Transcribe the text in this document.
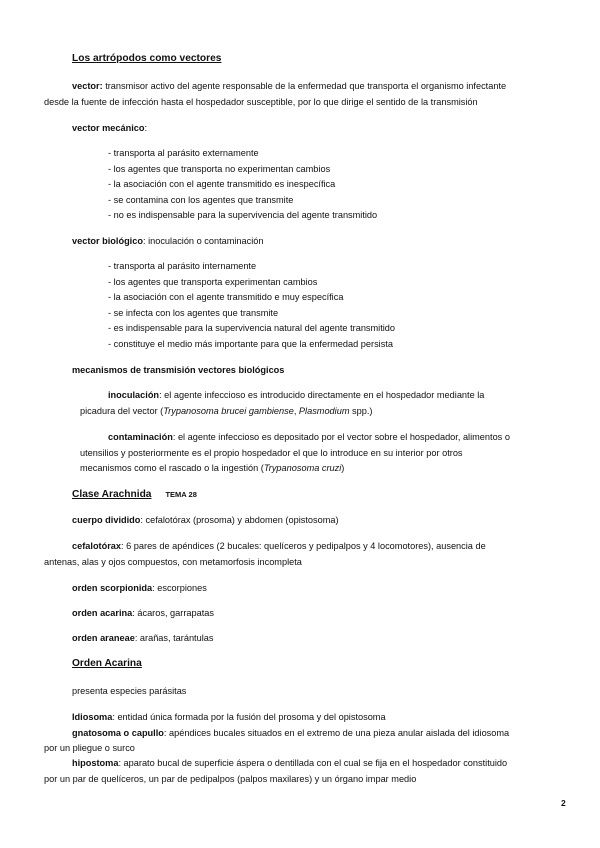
Los artrópodos como vectores
vector: transmisor activo del agente responsable de la enfermedad que transporta el organismo infectante
desde la fuente de infección hasta el hospedador susceptible, por lo que dirige el sentido de la transmisión
vector mecánico:
- transporta al parásito externamente
- los agentes que transporta no experimentan cambios
- la asociación con el agente transmitido es inespecífica
- se contamina con los agentes que transmite
- no es indispensable para la supervivencia del agente transmitido
vector biológico: inoculación o contaminación
- transporta al parásito internamente
- los agentes que transporta experimentan cambios
- la asociación con el agente transmitido e muy específica
- se infecta con los agentes que transmite
- es indispensable para la supervivencia natural del agente transmitido
- constituye el medio más importante para que la enfermedad persista
mecanismos de transmisión vectores biológicos
inoculación: el agente infeccioso es introducido directamente en el hospedador mediante la
picadura del vector (Trypanosoma brucei gambiense, Plasmodium spp.)
contaminación: el agente infeccioso es depositado por el vector sobre el hospedador, alimentos o
utensilios y posteriormente es el propio hospedador el que lo introduce en su interior por otros
mecanismos como el rascado o la ingestión (Trypanosoma cruzi)
Clase Arachnida TEMA 28
cuerpo dividido: cefalotórax (prosoma) y abdomen (opistosoma)
cefalotórax: 6 pares de apéndices (2 bucales: quelíceros y pedipalpos y 4 locomotores), ausencia de
antenas, alas y ojos compuestos, con metamorfosis incompleta
orden scorpionida: escorpiones
orden acarina: ácaros, garrapatas
orden araneae: arañas, tarántulas
Orden Acarina
presenta especies parásitas
Idiosoma: entidad única formada por la fusión del prosoma y del opistosoma
gnatosoma o capullo: apéndices bucales situados en el extremo de una pieza anular aislada del idiosoma
por un pliegue o surco
hipostoma: aparato bucal de superficie áspera o dentillada con el cual se fija en el hospedador constituido
por un par de quelíceros, un par de pedipalpos (palpos maxilares) y un órgano impar medio
2
